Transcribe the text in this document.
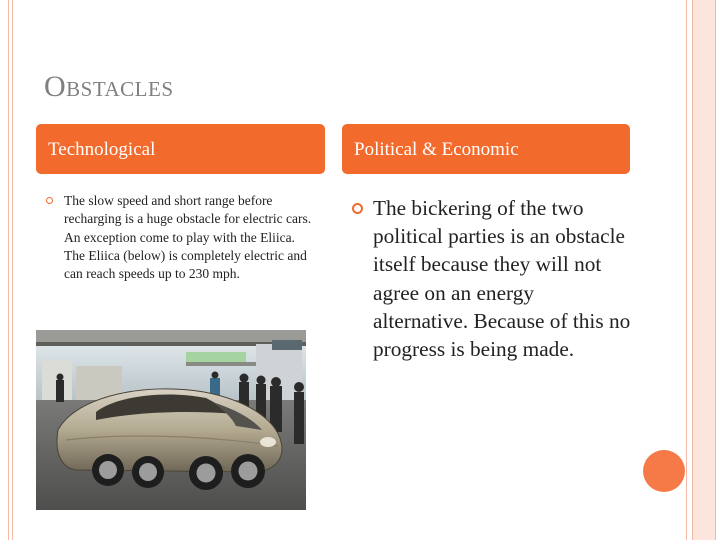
Obstacles
Technological	Political & Economic
The slow speed and short range before recharging is a huge obstacle for electric cars. An exception come to play with the Eliica. The Eliica (below) is completely electric and can reach speeds up to 230 mph.
The bickering of the two political parties is an obstacle itself because they will not agree on an energy alternative. Because of this no progress is being made.
